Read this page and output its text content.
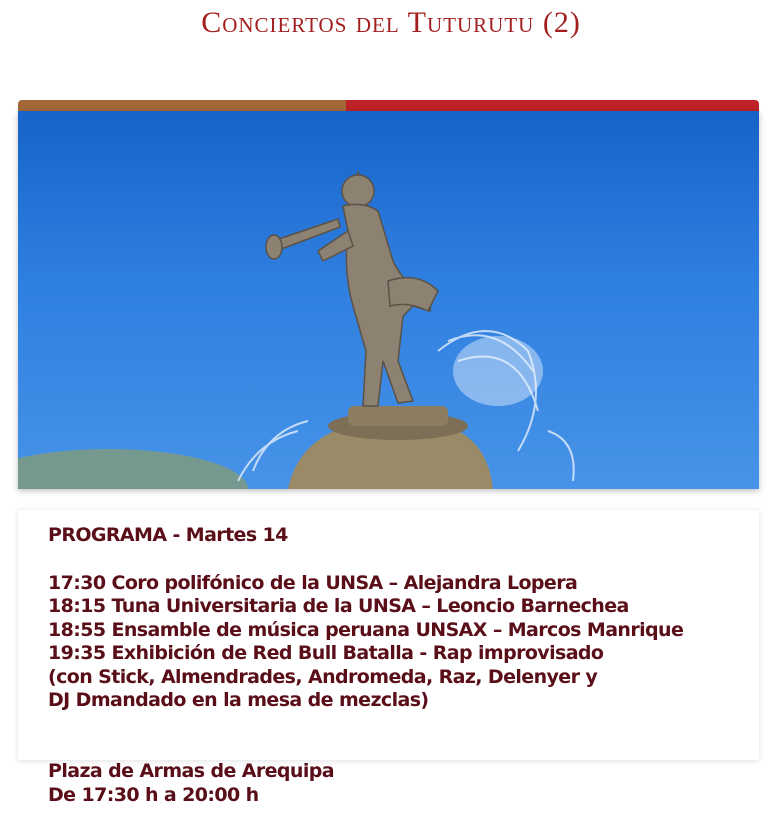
Conciertos del Tuturutu (2)
PROGRAMA - Martes 14
17:30 Coro polifónico de la UNSA – Alejandra Lopera
18:15 Tuna Universitaria de la UNSA – Leoncio Barnechea
18:55 Ensamble de música peruana UNSAX – Marcos Manrique
19:35 Exhibición de Red Bull Batalla - Rap improvisado
(con Stick, Almendrades, Andromeda, Raz, Delenyer y
DJ Dmandado en la mesa de mezclas)
Plaza de Armas de Arequipa
De 17:30 h a 20:00 h
